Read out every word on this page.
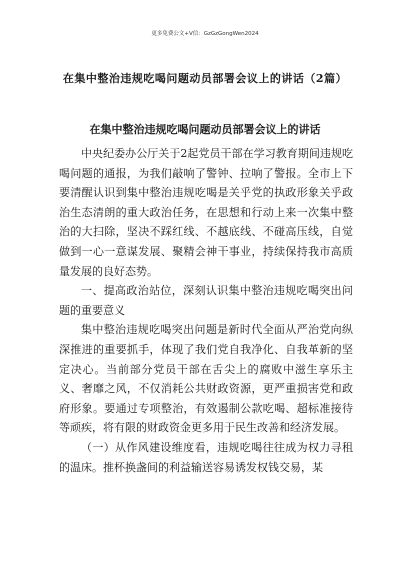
更多免费公文+V信：GzGzGongWen2024
在集中整治违规吃喝问题动员部署会议上的讲话（2篇）
在集中整治违规吃喝问题动员部署会议上的讲话

中央纪委办公厅关于2起党员干部在学习教育期间违规吃喝问题的通报，为我们敲响了警钟、拉响了警报。全市上下要清醒认识到集中整治违规吃喝是关乎党的执政形象关乎政治生态清朗的重大政治任务，在思想和行动上来一次集中整治的大扫除，坚决不踩红线、不越底线、不碰高压线，自觉做到一心一意谋发展、聚精会神干事业，持续保持我市高质量发展的良好态势。

一、提高政治站位，深刻认识集中整治违规吃喝突出问题的重要意义

集中整治违规吃喝突出问题是新时代全面从严治党向纵深推进的重要抓手，体现了我们党自我净化、自我革新的坚定决心。当前部分党员干部在舌尖上的腐败中滋生享乐主义、奢靡之风，不仅消耗公共财政资源，更严重损害党和政府形象。要通过专项整治，有效遏制公款吃喝、超标准接待等顽疾，将有限的财政资金更多用于民生改善和经济发展。

（一）从作风建设维度看，违规吃喝往往成为权力寻租的温床。推杯换盏间的利益输送容易诱发权钱交易，某
